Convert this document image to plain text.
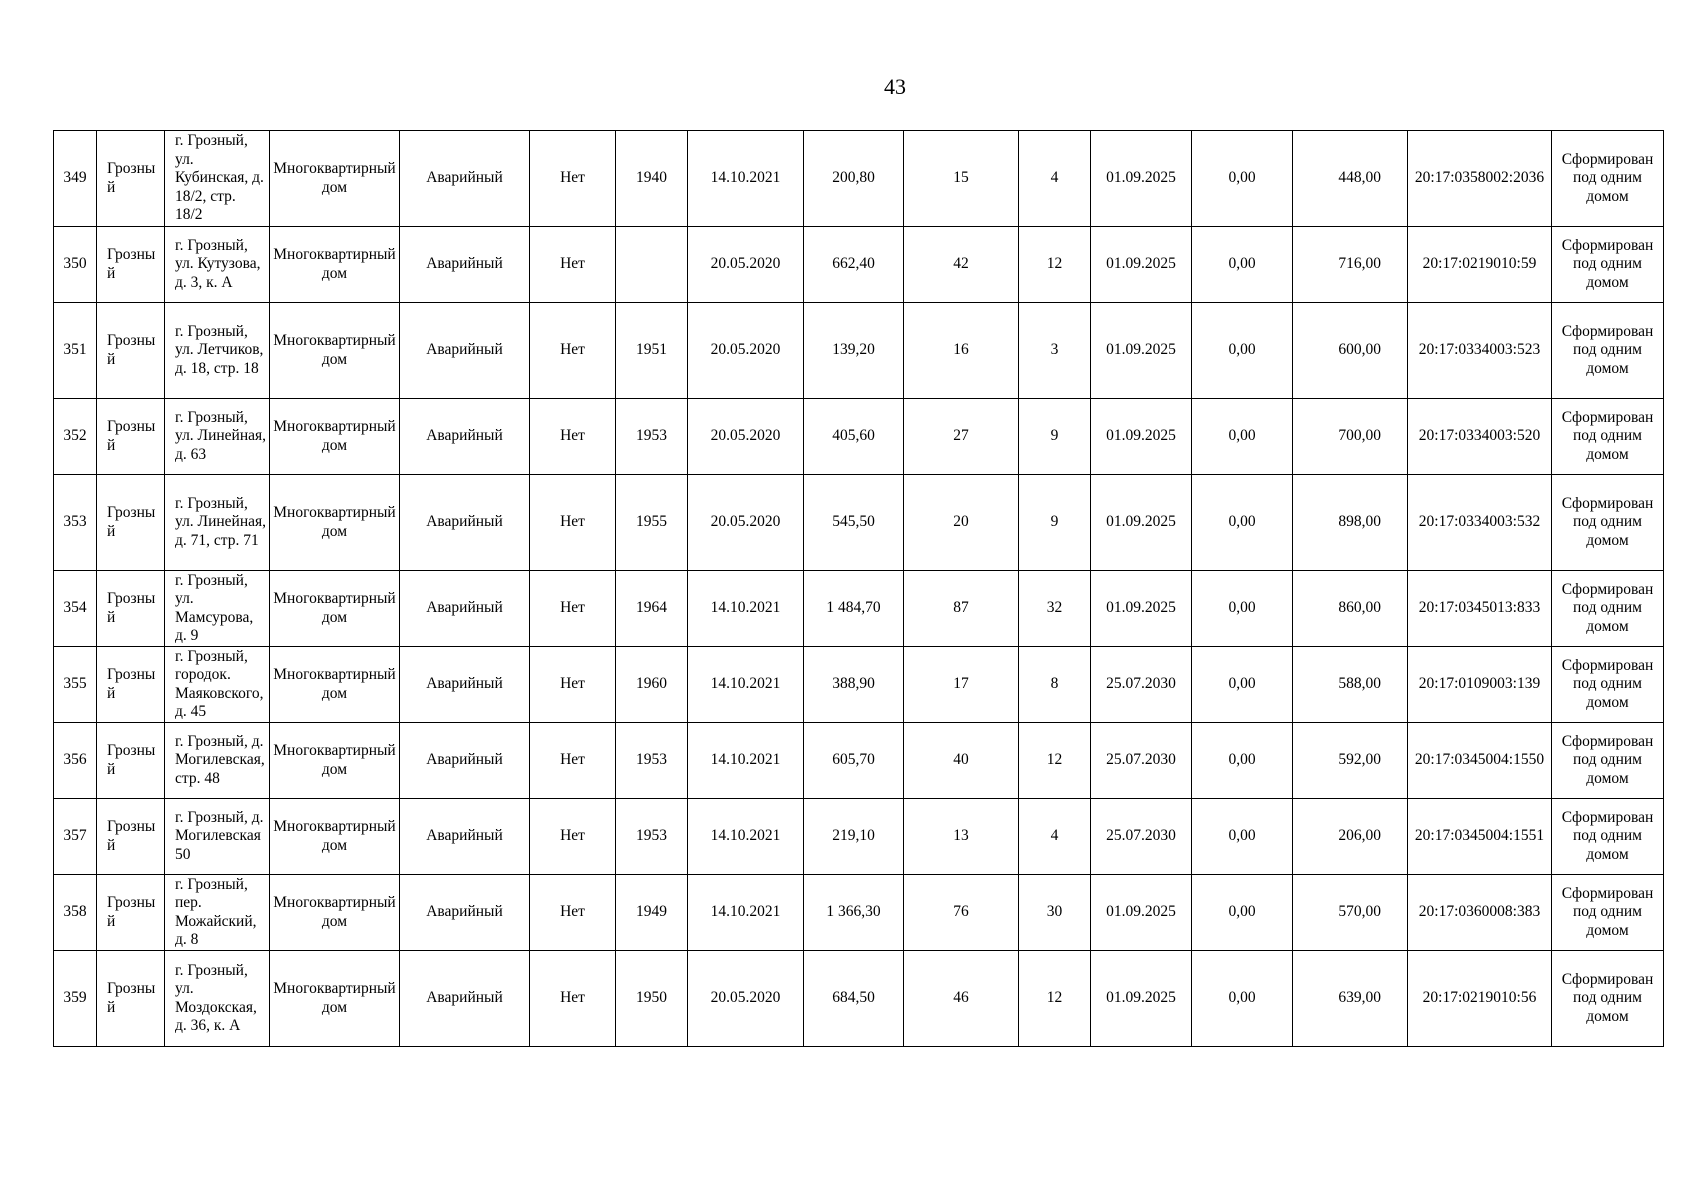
43
349	Грозный	г. Грозный, ул. Кубинская, д. 18/2, стр. 18/2	Многоквартирный дом	Аварийный	Нет	1940	14.10.2021	200,80	15	4	01.09.2025	0,00	448,00	20:17:0358002:2036	Сформирован под одним домом
350	Грозный	г. Грозный, ул. Кутузова, д. 3, к. А	Многоквартирный дом	Аварийный	Нет		20.05.2020	662,40	42	12	01.09.2025	0,00	716,00	20:17:0219010:59	Сформирован под одним домом
351	Грозный	г. Грозный, ул. Летчиков, д. 18, стр. 18	Многоквартирный дом	Аварийный	Нет	1951	20.05.2020	139,20	16	3	01.09.2025	0,00	600,00	20:17:0334003:523	Сформирован под одним домом
352	Грозный	г. Грозный, ул. Линейная, д. 63	Многоквартирный дом	Аварийный	Нет	1953	20.05.2020	405,60	27	9	01.09.2025	0,00	700,00	20:17:0334003:520	Сформирован под одним домом
353	Грозный	г. Грозный, ул. Линейная, д. 71, стр. 71	Многоквартирный дом	Аварийный	Нет	1955	20.05.2020	545,50	20	9	01.09.2025	0,00	898,00	20:17:0334003:532	Сформирован под одним домом
354	Грозный	г. Грозный, ул. Мамсурова, д. 9	Многоквартирный дом	Аварийный	Нет	1964	14.10.2021	1 484,70	87	32	01.09.2025	0,00	860,00	20:17:0345013:833	Сформирован под одним домом
355	Грозный	г. Грозный, городок. Маяковского, д. 45	Многоквартирный дом	Аварийный	Нет	1960	14.10.2021	388,90	17	8	25.07.2030	0,00	588,00	20:17:0109003:139	Сформирован под одним домом
356	Грозный	г. Грозный, д. Могилевская, стр. 48	Многоквартирный дом	Аварийный	Нет	1953	14.10.2021	605,70	40	12	25.07.2030	0,00	592,00	20:17:0345004:1550	Сформирован под одним домом
357	Грозный	г. Грозный, д. Могилевская 50	Многоквартирный дом	Аварийный	Нет	1953	14.10.2021	219,10	13	4	25.07.2030	0,00	206,00	20:17:0345004:1551	Сформирован под одним домом
358	Грозный	г. Грозный, пер. Можайский, д. 8	Многоквартирный дом	Аварийный	Нет	1949	14.10.2021	1 366,30	76	30	01.09.2025	0,00	570,00	20:17:0360008:383	Сформирован под одним домом
359	Грозный	г. Грозный, ул. Моздокская, д. 36, к. А	Многоквартирный дом	Аварийный	Нет	1950	20.05.2020	684,50	46	12	01.09.2025	0,00	639,00	20:17:0219010:56	Сформирован под одним домом
